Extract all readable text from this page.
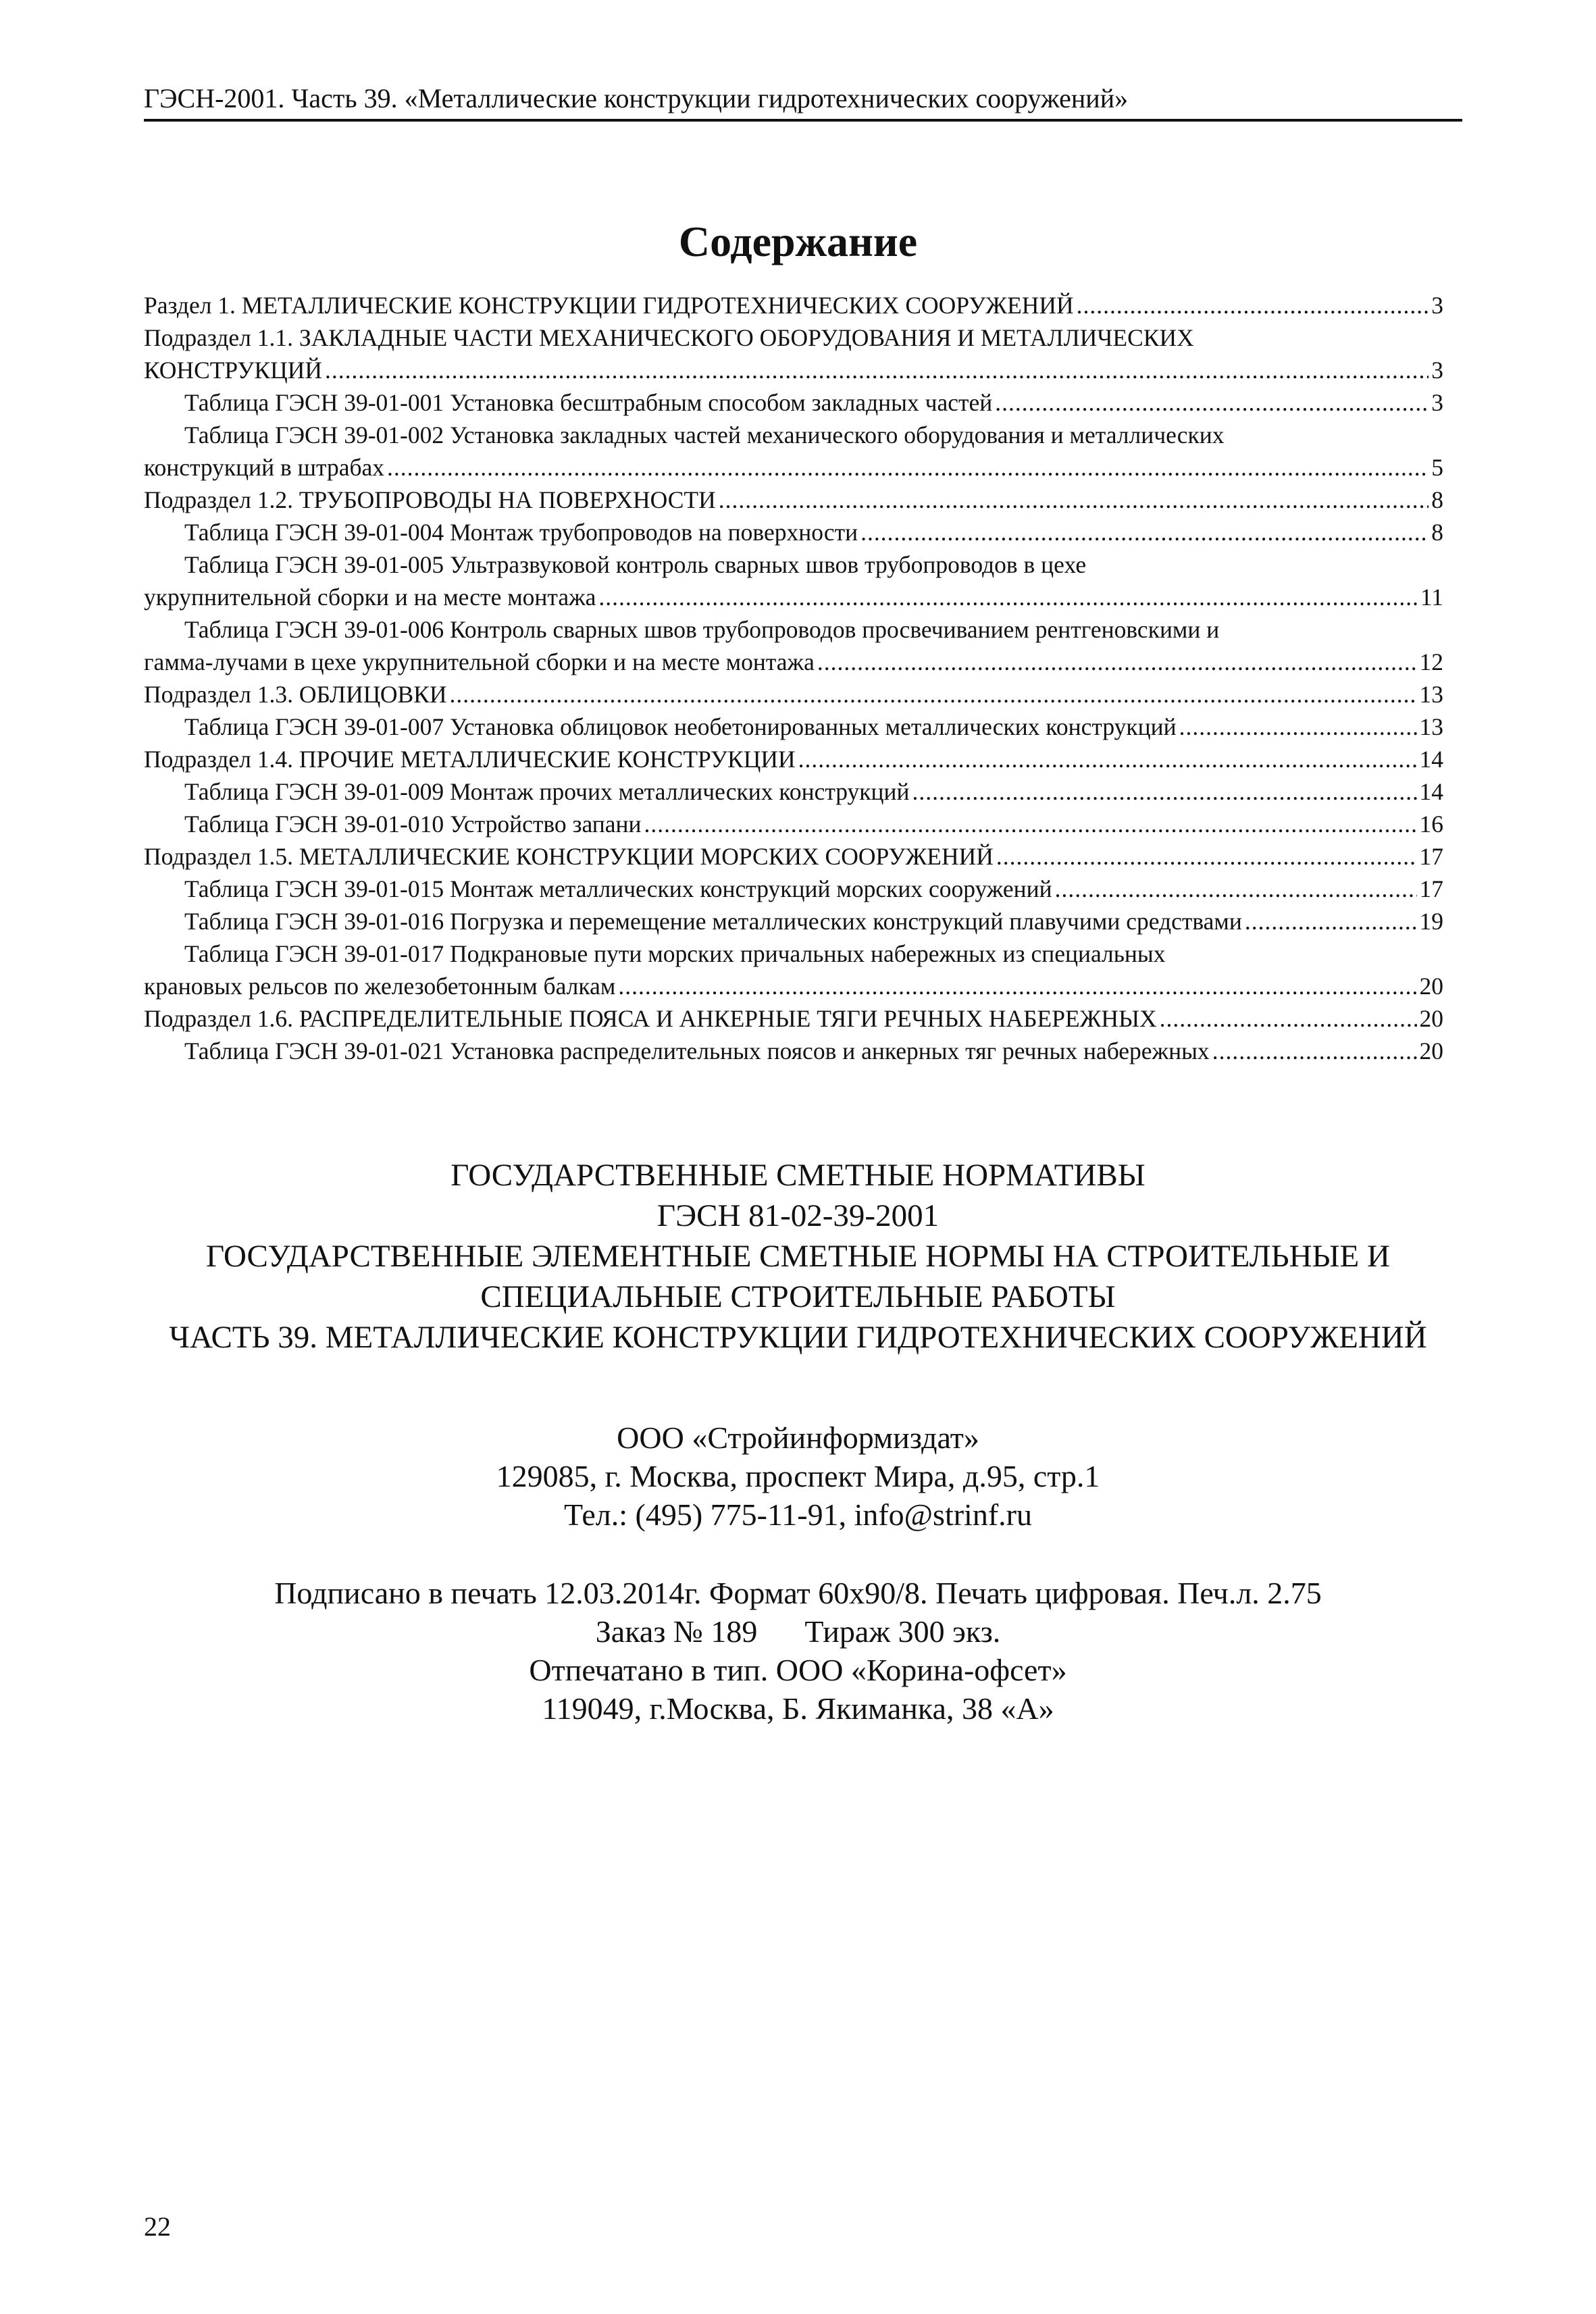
ГЭСН-2001. Часть 39. «Металлические конструкции гидротехнических сооружений»
Содержание
Раздел 1. МЕТАЛЛИЧЕСКИЕ КОНСТРУКЦИИ ГИДРОТЕХНИЧЕСКИХ СООРУЖЕНИЙ .....	3
Подраздел 1.1. ЗАКЛАДНЫЕ ЧАСТИ МЕХАНИЧЕСКОГО ОБОРУДОВАНИЯ И МЕТАЛЛИЧЕСКИХ
КОНСТРУКЦИЙ .....	3
Таблица ГЭСН 39-01-001 Установка бесштрабным способом закладных частей .....	3
Таблица ГЭСН 39-01-002 Установка закладных частей механического оборудования и металлических
конструкций в штрабах .....	5
Подраздел 1.2. ТРУБОПРОВОДЫ НА ПОВЕРХНОСТИ .....	8
Таблица ГЭСН 39-01-004 Монтаж трубопроводов на поверхности .....	8
Таблица ГЭСН 39-01-005 Ультразвуковой контроль сварных швов трубопроводов в цехе
укрупнительной сборки и на месте монтажа .....	11
Таблица ГЭСН 39-01-006 Контроль сварных швов трубопроводов просвечиванием рентгеновскими и
гамма-лучами в цехе укрупнительной сборки и на месте монтажа .....	12
Подраздел 1.3. ОБЛИЦОВКИ .....	13
Таблица ГЭСН 39-01-007 Установка облицовок необетонированных металлических конструкций .....	13
Подраздел 1.4. ПРОЧИЕ МЕТАЛЛИЧЕСКИЕ КОНСТРУКЦИИ .....	14
Таблица ГЭСН 39-01-009 Монтаж прочих металлических конструкций .....	14
Таблица ГЭСН 39-01-010 Устройство запани .....	16
Подраздел 1.5. МЕТАЛЛИЧЕСКИЕ КОНСТРУКЦИИ МОРСКИХ СООРУЖЕНИЙ .....	17
Таблица ГЭСН 39-01-015 Монтаж металлических конструкций морских сооружений .....	17
Таблица ГЭСН 39-01-016 Погрузка и перемещение металлических конструкций плавучими средствами .....	19
Таблица ГЭСН 39-01-017 Подкрановые пути морских причальных набережных из специальных
крановых рельсов по железобетонным балкам .....	20
Подраздел 1.6. РАСПРЕДЕЛИТЕЛЬНЫЕ ПОЯСА И АНКЕРНЫЕ ТЯГИ РЕЧНЫХ НАБЕРЕЖНЫХ .....	20
Таблица ГЭСН 39-01-021 Установка распределительных поясов и анкерных тяг речных набережных .....	20
ГОСУДАРСТВЕННЫЕ СМЕТНЫЕ НОРМАТИВЫ
ГЭСН 81-02-39-2001
ГОСУДАРСТВЕННЫЕ ЭЛЕМЕНТНЫЕ СМЕТНЫЕ НОРМЫ НА СТРОИТЕЛЬНЫЕ И
СПЕЦИАЛЬНЫЕ СТРОИТЕЛЬНЫЕ РАБОТЫ
ЧАСТЬ 39. МЕТАЛЛИЧЕСКИЕ КОНСТРУКЦИИ ГИДРОТЕХНИЧЕСКИХ СООРУЖЕНИЙ
ООО «Стройинформиздат»
129085, г. Москва, проспект Мира, д.95, стр.1
Тел.: (495) 775-11-91, info@strinf.ru
Подписано в печать 12.03.2014г. Формат 60х90/8. Печать цифровая. Печ.л. 2.75
Заказ № 189 Тираж 300 экз.
Отпечатано в тип. ООО «Корина-офсет»
119049, г.Москва, Б. Якиманка, 38 «А»
22
